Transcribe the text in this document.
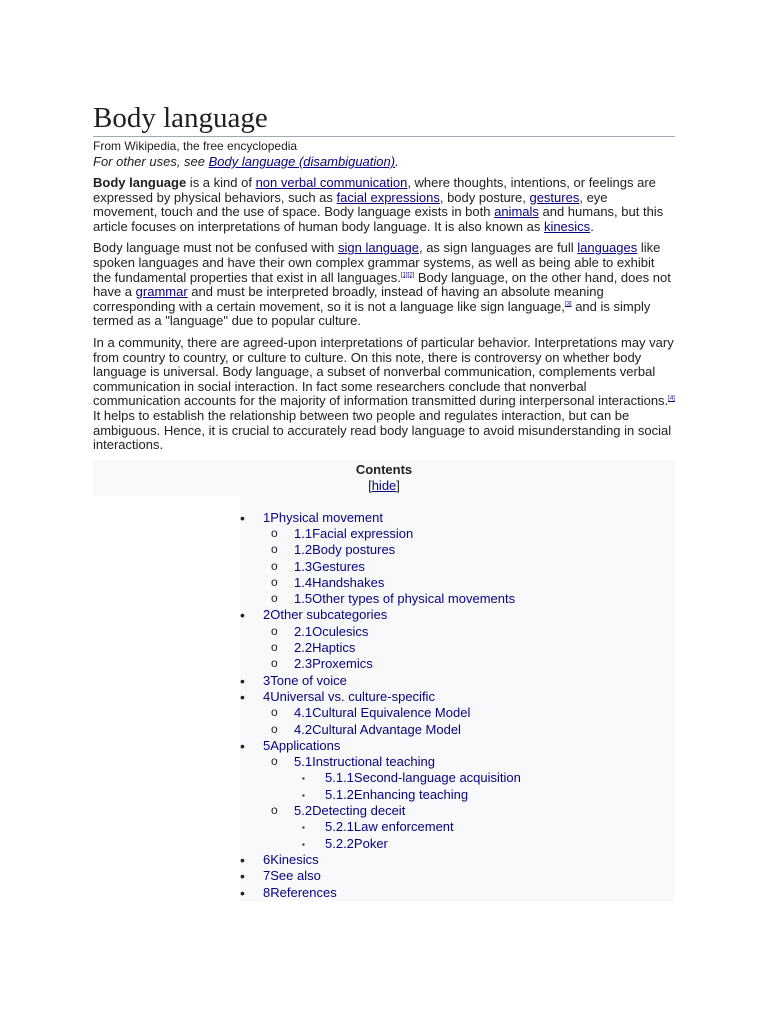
Body language
From Wikipedia, the free encyclopedia
For other uses, see Body language (disambiguation).

Body language is a kind of non verbal communication, where thoughts, intentions, or feelings are expressed by physical behaviors, such as facial expressions, body posture, gestures, eye movement, touch and the use of space. Body language exists in both animals and humans, but this article focuses on interpretations of human body language. It is also known as kinesics.

Body language must not be confused with sign language, as sign languages are full languages like spoken languages and have their own complex grammar systems, as well as being able to exhibit the fundamental properties that exist in all languages.[1][2] Body language, on the other hand, does not have a grammar and must be interpreted broadly, instead of having an absolute meaning corresponding with a certain movement, so it is not a language like sign language,[3] and is simply termed as a "language" due to popular culture.

In a community, there are agreed-upon interpretations of particular behavior. Interpretations may vary from country to country, or culture to culture. On this note, there is controversy on whether body language is universal. Body language, a subset of nonverbal communication, complements verbal communication in social interaction. In fact some researchers conclude that nonverbal communication accounts for the majority of information transmitted during interpersonal interactions.[4] It helps to establish the relationship between two people and regulates interaction, but can be ambiguous. Hence, it is crucial to accurately read body language to avoid misunderstanding in social interactions.

Contents
[hide]
• 1Physical movement
o 1.1Facial expression
o 1.2Body postures
o 1.3Gestures
o 1.4Handshakes
o 1.5Other types of physical movements
• 2Other subcategories
o 2.1Oculesics
o 2.2Haptics
o 2.3Proxemics
• 3Tone of voice
• 4Universal vs. culture-specific
o 4.1Cultural Equivalence Model
o 4.2Cultural Advantage Model
• 5Applications
o 5.1Instructional teaching
▪ 5.1.1Second-language acquisition
▪ 5.1.2Enhancing teaching
o 5.2Detecting deceit
▪ 5.2.1Law enforcement
▪ 5.2.2Poker
• 6Kinesics
• 7See also
• 8References
